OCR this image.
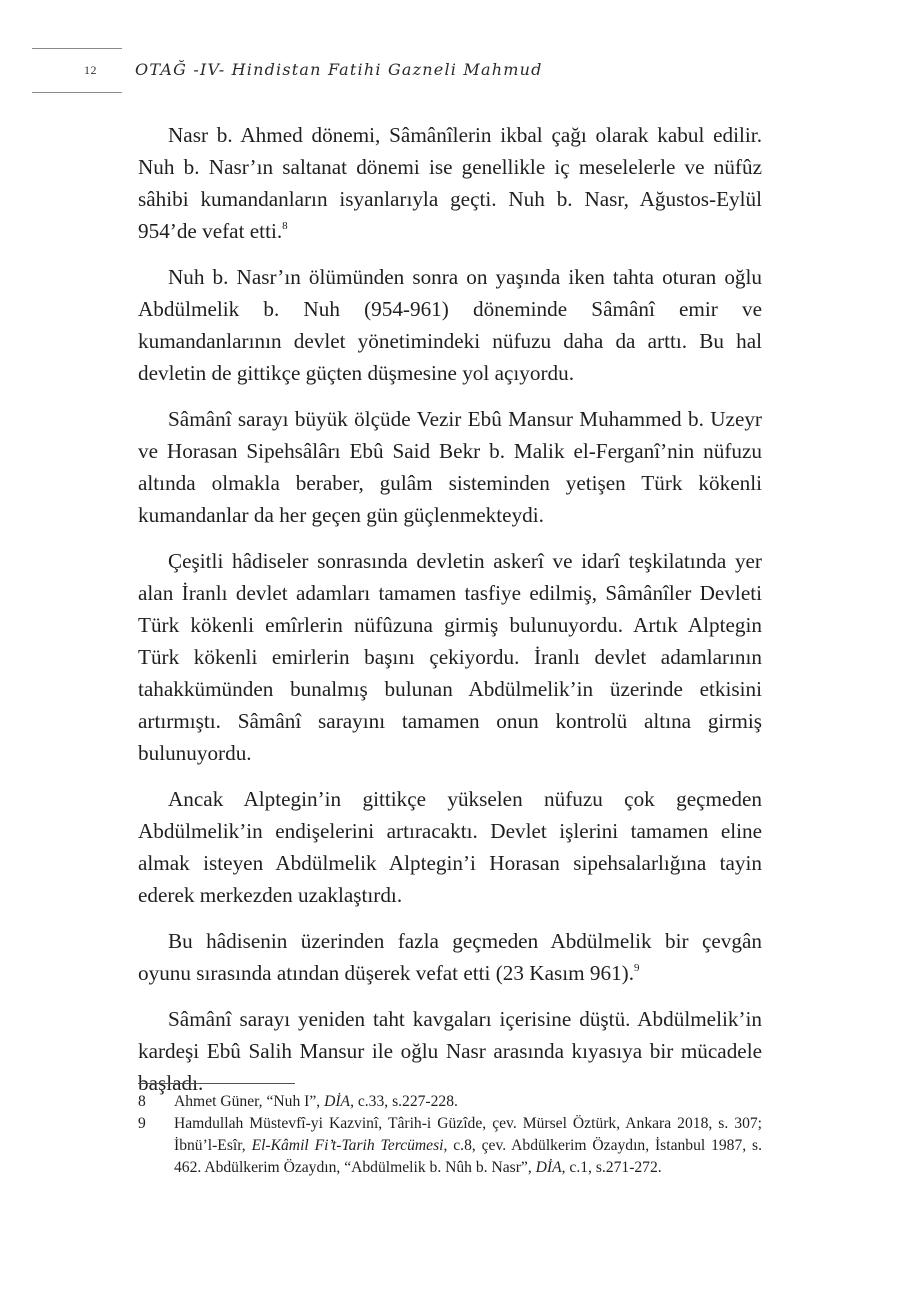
12 OTAĞ -IV- Hindistan Fatihi Gazneli Mahmud

Nasr b. Ahmed dönemi, Sâmânîlerin ikbal çağı olarak kabul edilir. Nuh b. Nasr’ın saltanat dönemi ise genellikle iç meselelerle ve nüfûz sâhibi kumandanların isyanlarıyla geçti. Nuh b. Nasr, Ağustos-Eylül 954’de vefat etti.$^8$

Nuh b. Nasr’ın ölümünden sonra on yaşında iken tahta oturan oğlu Abdülmelik b. Nuh (954-961) döneminde Sâmânî emir ve kumandanlarının devlet yönetimindeki nüfuzu daha da arttı. Bu hal devletin de gittikçe güçten düşmesine yol açıyordu.

Sâmânî sarayı büyük ölçüde Vezir Ebû Mansur Muhammed b. Uzeyr ve Horasan Sipehsâlârı Ebû Said Bekr b. Malik el-Ferganî’nin nüfuzu altında olmakla beraber, gulâm sisteminden yetişen Türk kökenli kumandanlar da her geçen gün güçlenmekteydi.

Çeşitli hâdiseler sonrasında devletin askerî ve idarî teşkilatında yer alan İranlı devlet adamları tamamen tasfiye edilmiş, Sâmânîler Devleti Türk kökenli emîrlerin nüfûzuna girmiş bulunuyordu. Artık Alptegin Türk kökenli emirlerin başını çekiyordu. İranlı devlet adamlarının tahakkümünden bunalmış bulunan Abdülmelik’in üzerinde etkisini artırmıştı. Sâmânî sarayını tamamen onun kontrolü altına girmiş bulunuyordu.

Ancak Alptegin’in gittikçe yükselen nüfuzu çok geçmeden Abdülmelik’in endişelerini artıracaktı. Devlet işlerini tamamen eline almak isteyen Abdülmelik Alptegin’i Horasan sipehsalarlığına tayin ederek merkezden uzaklaştırdı.

Bu hâdisenin üzerinden fazla geçmeden Abdülmelik bir çevgân oyunu sırasında atından düşerek vefat etti (23 Kasım 961).$^9$

Sâmânî sarayı yeniden taht kavgaları içerisine düştü. Abdülmelik’in kardeşi Ebû Salih Mansur ile oğlu Nasr arasında kıyasıya bir mücadele başladı.

8	Ahmet Güner, “Nuh I”, DİA, c.33, s.227-228.
9	Hamdullah Müstevfî-yi Kazvinî, Târih-i Güzîde, çev. Mürsel Öztürk, Ankara 2018, s. 307; İbnü’l-Esîr, El-Kâmil Fi’t-Tarih Tercümesi, c.8, çev. Abdülkerim Özaydın, İstanbul 1987, s. 462. Abdülkerim Özaydın, “Abdülmelik b. Nûh b. Nasr”, DİA, c.1, s.271-272.
